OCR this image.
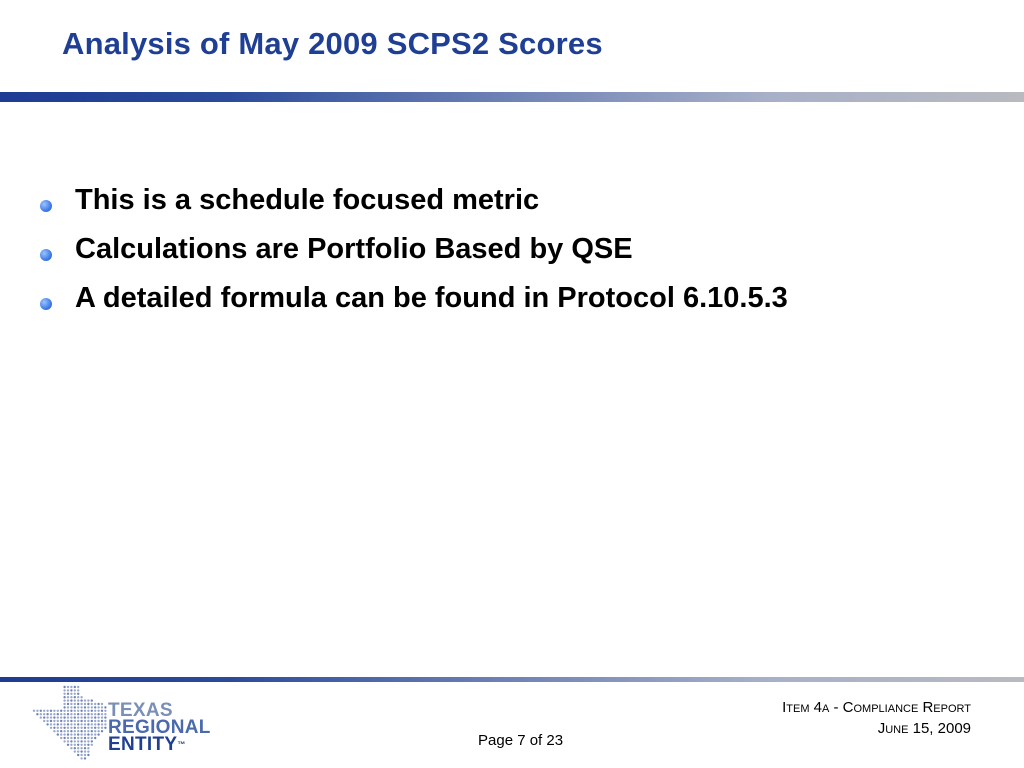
Analysis of May 2009 SCPS2 Scores
This is a schedule focused metric
Calculations are Portfolio Based by QSE
A detailed formula can be found in Protocol 6.10.5.3
TEXAS
REGIONAL
ENTITY™
Item 4a - Compliance Report
June 15, 2009
Page 7 of 23
